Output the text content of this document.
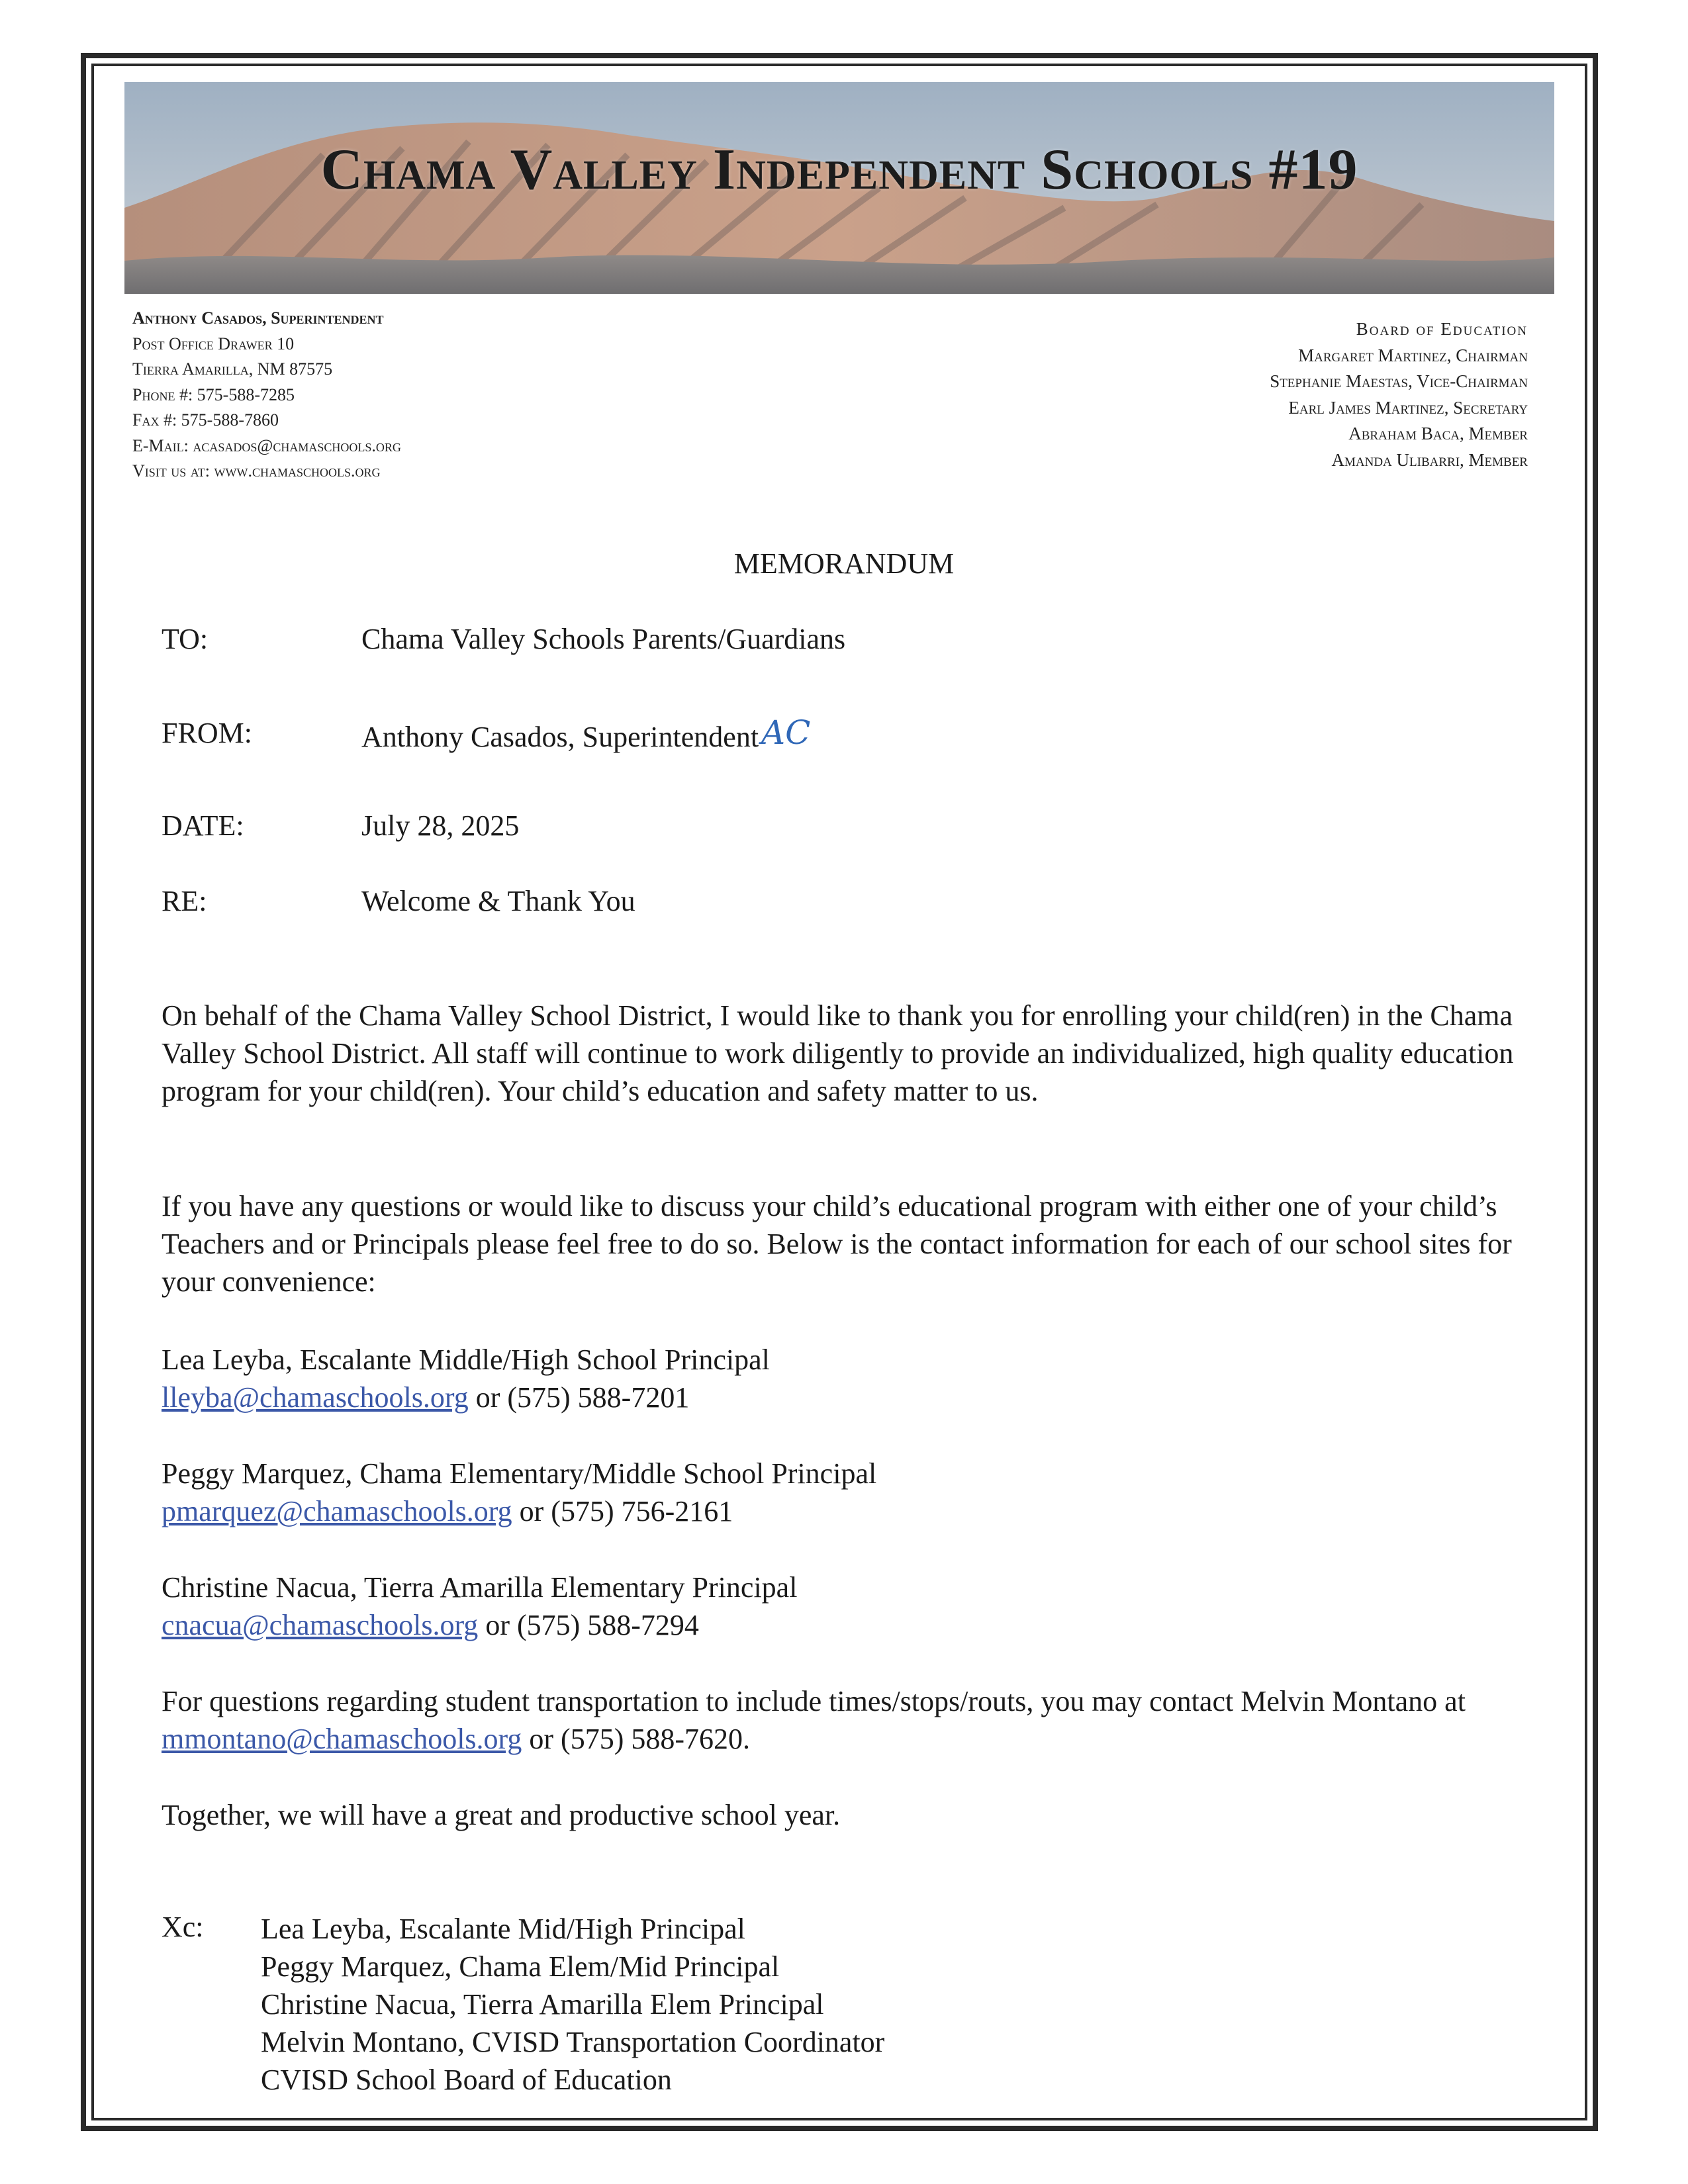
Chama Valley Independent Schools #19
Anthony Casados, Superintendent
Post Office Drawer 10
Tierra Amarilla, NM 87575
Phone #: 575-588-7285
Fax #: 575-588-7860
E-Mail: acasados@chamaschools.org
Visit us at: www.chamaschools.org
Board of Education
Margaret Martinez, Chairman
Stephanie Maestas, Vice-Chairman
Earl James Martinez, Secretary
Abraham Baca, Member
Amanda Ulibarri, Member
MEMORANDUM
TO:	Chama Valley Schools Parents/Guardians
FROM:	Anthony Casados, SuperintendentAC
DATE:	July 28, 2025
RE:	Welcome & Thank You

On behalf of the Chama Valley School District, I would like to thank you for enrolling your child(ren) in the Chama Valley School District. All staff will continue to work diligently to provide an individualized, high quality education program for your child(ren). Your child’s education and safety matter to us.

If you have any questions or would like to discuss your child’s educational program with either one of your child’s Teachers and or Principals please feel free to do so. Below is the contact information for each of our school sites for your convenience:

Lea Leyba, Escalante Middle/High School Principal
lleyba@chamaschools.org or (575) 588-7201
Peggy Marquez, Chama Elementary/Middle School Principal
pmarquez@chamaschools.org or (575) 756-2161
Christine Nacua, Tierra Amarilla Elementary Principal
cnacua@chamaschools.org or (575) 588-7294

For questions regarding student transportation to include times/stops/routs, you may contact Melvin Montano at mmontano@chamaschools.org or (575) 588-7620.

Together, we will have a great and productive school year.

Xc: Lea Leyba, Escalante Mid/High Principal
Peggy Marquez, Chama Elem/Mid Principal
Christine Nacua, Tierra Amarilla Elem Principal
Melvin Montano, CVISD Transportation Coordinator
CVISD School Board of Education
